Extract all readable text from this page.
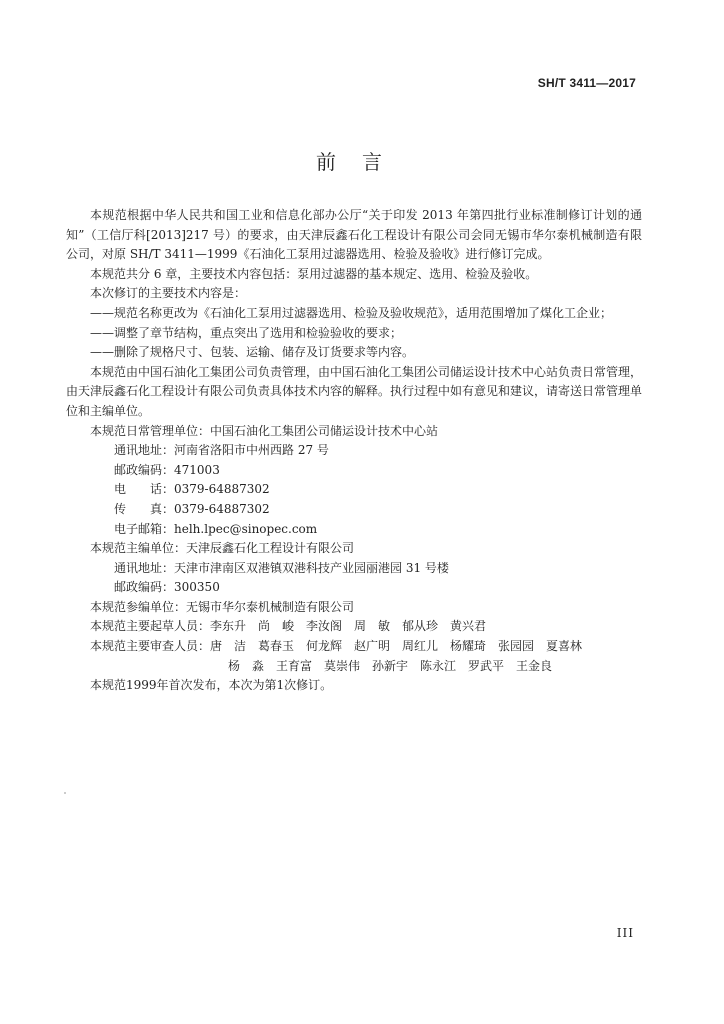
SH/T 3411—2017
前言

本规范根据中华人民共和国工业和信息化部办公厅“关于印发 2013 年第四批行业标准制修订计划的通知”（工信厅科[2013]217 号）的要求，由天津辰鑫石化工程设计有限公司会同无锡市华尔泰机械制造有限公司，对原 SH/T 3411—1999《石油化工泵用过滤器选用、检验及验收》进行修订完成。

本规范共分 6 章，主要技术内容包括：泵用过滤器的基本规定、选用、检验及验收。

本次修订的主要技术内容是：

——规范名称更改为《石油化工泵用过滤器选用、检验及验收规范》，适用范围增加了煤化工企业；

——调整了章节结构，重点突出了选用和检验验收的要求；

——删除了规格尺寸、包装、运输、储存及订货要求等内容。

本规范由中国石油化工集团公司负责管理，由中国石油化工集团公司储运设计技术中心站负责日常管理，由天津辰鑫石化工程设计有限公司负责具体技术内容的解释。执行过程中如有意见和建议，请寄送日常管理单位和主编单位。

本规范日常管理单位：中国石油化工集团公司储运设计技术中心站
通讯地址：河南省洛阳市中州西路 27 号
邮政编码：471003
电　　话：0379-64887302
传　　真：0379-64887302
电子邮箱：helh.lpec@sinopec.com
本规范主编单位：天津辰鑫石化工程设计有限公司
通讯地址：天津市津南区双港镇双港科技产业园丽港园 31 号楼
邮政编码：300350
本规范参编单位：无锡市华尔泰机械制造有限公司
本规范主要起草人员： 李东升 尚　峻 李汝阁 周　敏 郁从珍 黄兴君
本规范主要审查人员： 唐　洁 葛春玉 何龙辉 赵广明 周红儿 杨耀琦 张园园 夏喜林
杨　淼 王育富 莫崇伟 孙新宇 陈永江 罗武平 王金良

本规范1999年首次发布，本次为第1次修订。

III
